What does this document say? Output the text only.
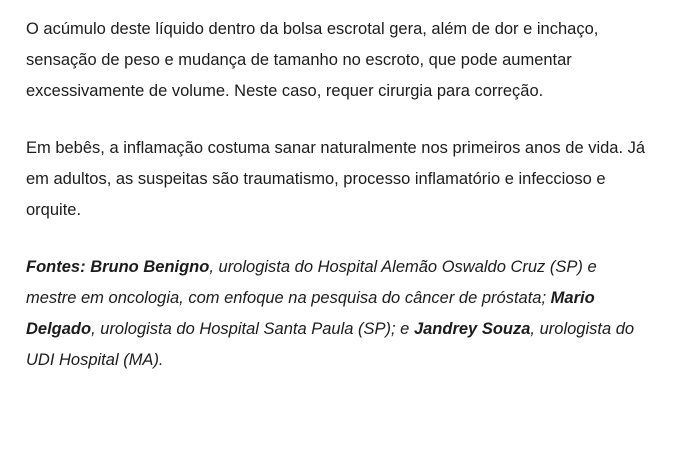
O acúmulo deste líquido dentro da bolsa escrotal gera, além de dor e inchaço, sensação de peso e mudança de tamanho no escroto, que pode aumentar excessivamente de volume. Neste caso, requer cirurgia para correção.

Em bebês, a inflamação costuma sanar naturalmente nos primeiros anos de vida. Já em adultos, as suspeitas são traumatismo, processo inflamatório e infeccioso e orquite.

Fontes: Bruno Benigno, urologista do Hospital Alemão Oswaldo Cruz (SP) e mestre em oncologia, com enfoque na pesquisa do câncer de próstata; Mario Delgado, urologista do Hospital Santa Paula (SP); e Jandrey Souza, urologista do UDI Hospital (MA).
